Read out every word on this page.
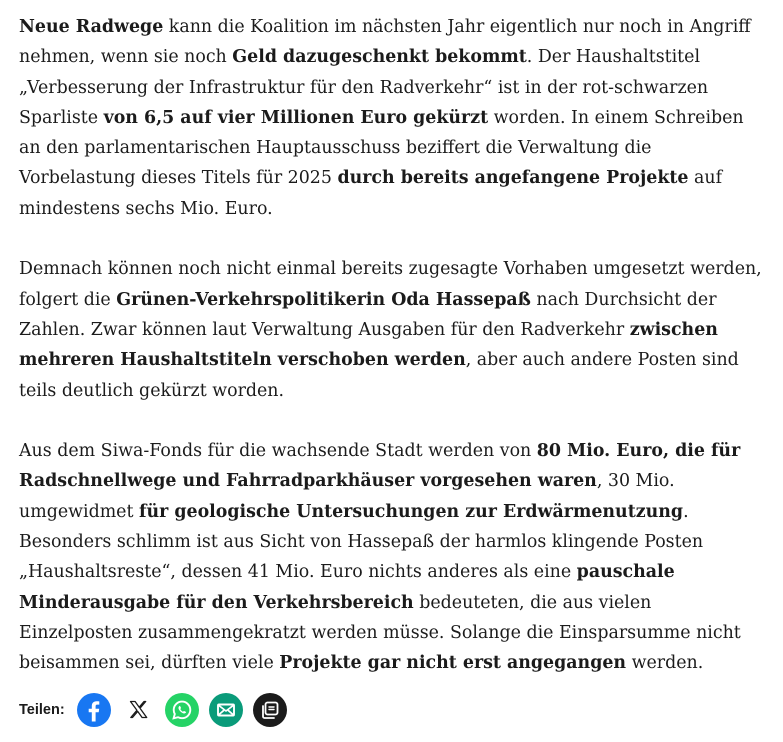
Neue Radwege kann die Koalition im nächsten Jahr eigentlich nur noch in Angriff nehmen, wenn sie noch Geld dazugeschenkt bekommt. Der Haushaltstitel „Verbesserung der Infrastruktur für den Radverkehr“ ist in der rot-schwarzen Sparliste von 6,5 auf vier Millionen Euro gekürzt worden. In einem Schreiben an den parlamentarischen Hauptausschuss beziffert die Verwaltung die Vorbelastung dieses Titels für 2025 durch bereits angefangene Projekte auf mindestens sechs Mio. Euro.

Demnach können noch nicht einmal bereits zugesagte Vorhaben umgesetzt werden, folgert die Grünen-Verkehrspolitikerin Oda Hassepaß nach Durchsicht der Zahlen. Zwar können laut Verwaltung Ausgaben für den Radverkehr zwischen mehreren Haushaltstiteln verschoben werden, aber auch andere Posten sind teils deutlich gekürzt worden.

Aus dem Siwa-Fonds für die wachsende Stadt werden von 80 Mio. Euro, die für Radschnellwege und Fahrradparkhäuser vorgesehen waren, 30 Mio. umgewidmet für geologische Untersuchungen zur Erdwärmenutzung. Besonders schlimm ist aus Sicht von Hassepaß der harmlos klingende Posten „Haushaltsreste“, dessen 41 Mio. Euro nichts anderes als eine pauschale Minderausgabe für den Verkehrsbereich bedeuteten, die aus vielen Einzelposten zusammengekratzt werden müsse. Solange die Einsparsumme nicht beisammen sei, dürften viele Projekte gar nicht erst angegangen werden.

Teilen:
